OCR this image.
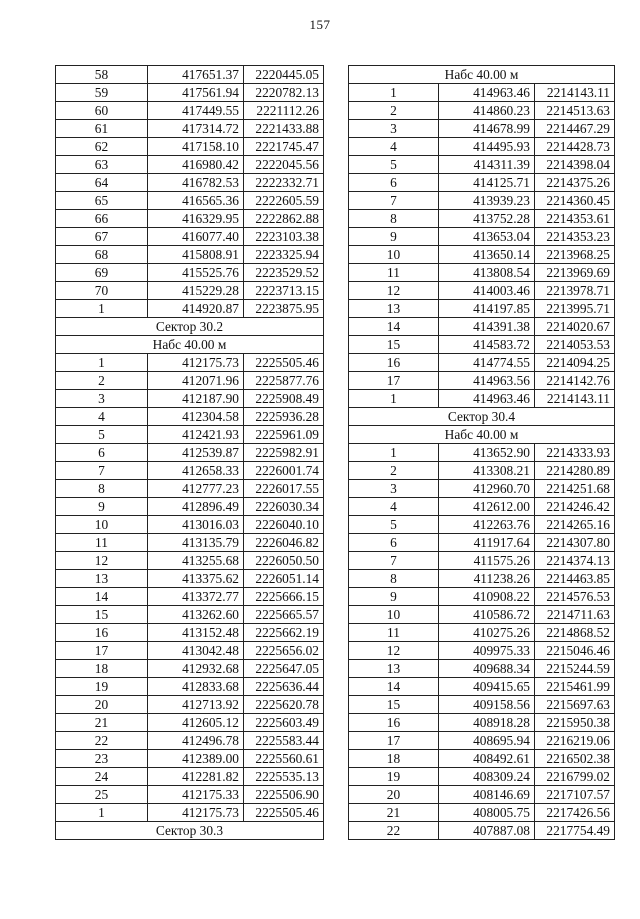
157
58	417651.37	2220445.05
59	417561.94	2220782.13
60	417449.55	2221112.26
61	417314.72	2221433.88
62	417158.10	2221745.47
63	416980.42	2222045.56
64	416782.53	2222332.71
65	416565.36	2222605.59
66	416329.95	2222862.88
67	416077.40	2223103.38
68	415808.91	2223325.94
69	415525.76	2223529.52
70	415229.28	2223713.15
1	414920.87	2223875.95
Сектор 30.2		
Набс 40.00 м		
1	412175.73	2225505.46
2	412071.96	2225877.76
3	412187.90	2225908.49
4	412304.58	2225936.28
5	412421.93	2225961.09
6	412539.87	2225982.91
7	412658.33	2226001.74
8	412777.23	2226017.55
9	412896.49	2226030.34
10	413016.03	2226040.10
11	413135.79	2226046.82
12	413255.68	2226050.50
13	413375.62	2226051.14
14	413372.77	2225666.15
15	413262.60	2225665.57
16	413152.48	2225662.19
17	413042.48	2225656.02
18	412932.68	2225647.05
19	412833.68	2225636.44
20	412713.92	2225620.78
21	412605.12	2225603.49
22	412496.78	2225583.44
23	412389.00	2225560.61
24	412281.82	2225535.13
25	412175.33	2225506.90
1	412175.73	2225505.46
Сектор 30.3		
Набс 40.00 м		
1	414963.46	2214143.11
2	414860.23	2214513.63
3	414678.99	2214467.29
4	414495.93	2214428.73
5	414311.39	2214398.04
6	414125.71	2214375.26
7	413939.23	2214360.45
8	413752.28	2214353.61
9	413653.04	2214353.23
10	413650.14	2213968.25
11	413808.54	2213969.69
12	414003.46	2213978.71
13	414197.85	2213995.71
14	414391.38	2214020.67
15	414583.72	2214053.53
16	414774.55	2214094.25
17	414963.56	2214142.76
1	414963.46	2214143.11
Сектор 30.4		
Набс 40.00 м		
1	413652.90	2214333.93
2	413308.21	2214280.89
3	412960.70	2214251.68
4	412612.00	2214246.42
5	412263.76	2214265.16
6	411917.64	2214307.80
7	411575.26	2214374.13
8	411238.26	2214463.85
9	410908.22	2214576.53
10	410586.72	2214711.63
11	410275.26	2214868.52
12	409975.33	2215046.46
13	409688.34	2215244.59
14	409415.65	2215461.99
15	409158.56	2215697.63
16	408918.28	2215950.38
17	408695.94	2216219.06
18	408492.61	2216502.38
19	408309.24	2216799.02
20	408146.69	2217107.57
21	408005.75	2217426.56
22	407887.08	2217754.49
